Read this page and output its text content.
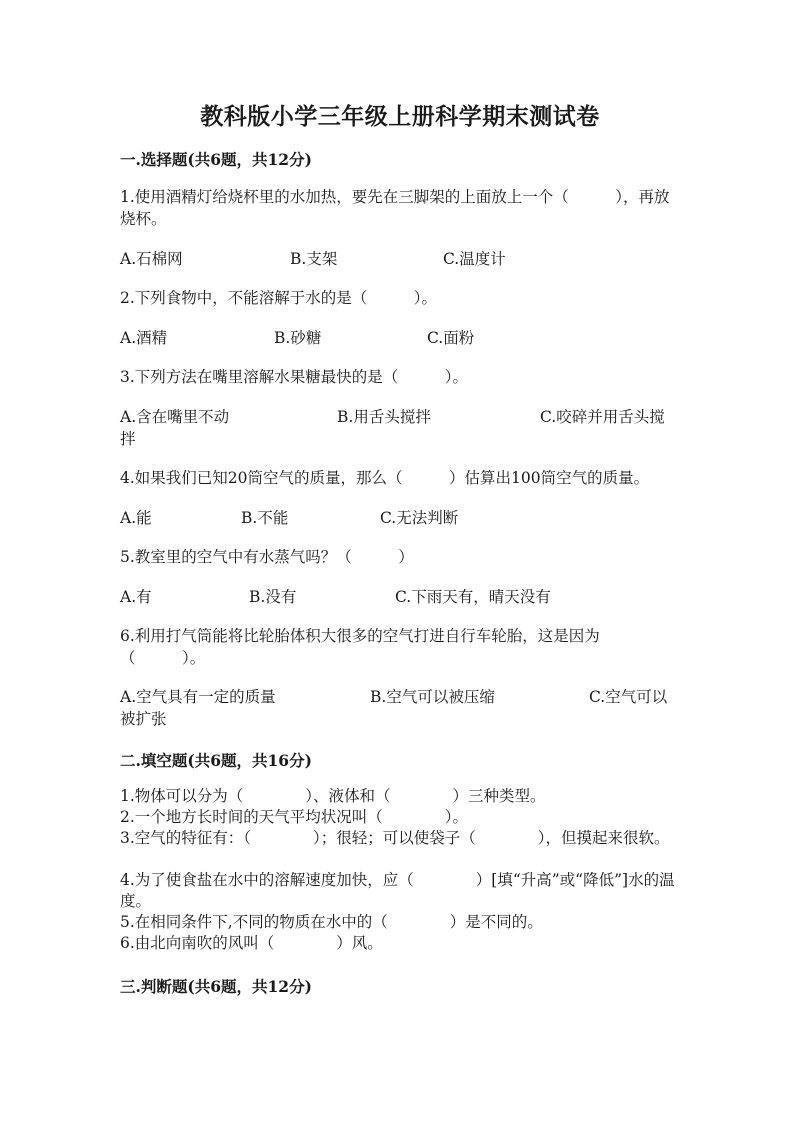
教科版小学三年级上册科学期末测试卷
一.选择题(共6题，共12分)
1.使用酒精灯给烧杯里的水加热，要先在三脚架的上面放上一个（　　　），再放烧杯。
A.石棉网	B.支架	C.温度计
2.下列食物中，不能溶解于水的是（　　　）。
A.酒精	B.砂糖	C.面粉
3.下列方法在嘴里溶解水果糖最快的是（　　　）。
A.含在嘴里不动	B.用舌头搅拌	C.咬碎并用舌头搅拌
4.如果我们已知20筒空气的质量，那么（　　　）估算出100筒空气的质量。
A.能	B.不能	C.无法判断
5.教室里的空气中有水蒸气吗？（　　　）
A.有	B.没有	C.下雨天有，晴天没有
6.利用打气筒能将比轮胎体积大很多的空气打进自行车轮胎，这是因为（　　　）。
A.空气具有一定的质量	B.空气可以被压缩	C.空气可以被扩张
二.填空题(共6题，共16分)
1.物体可以分为（　　　　）、液体和（　　　　）三种类型。
2.一个地方长时间的天气平均状况叫（　　　　）。
3.空气的特征有：（　　　　）；很轻；可以使袋子（　　　　），但摸起来很软。
4.为了使食盐在水中的溶解速度加快，应（　　　　）[填“升高”或“降低”]水的温度。
5.在相同条件下,不同的物质在水中的（　　　　）是不同的。
6.由北向南吹的风叫（　　　　）风。
三.判断题(共6题，共12分)
